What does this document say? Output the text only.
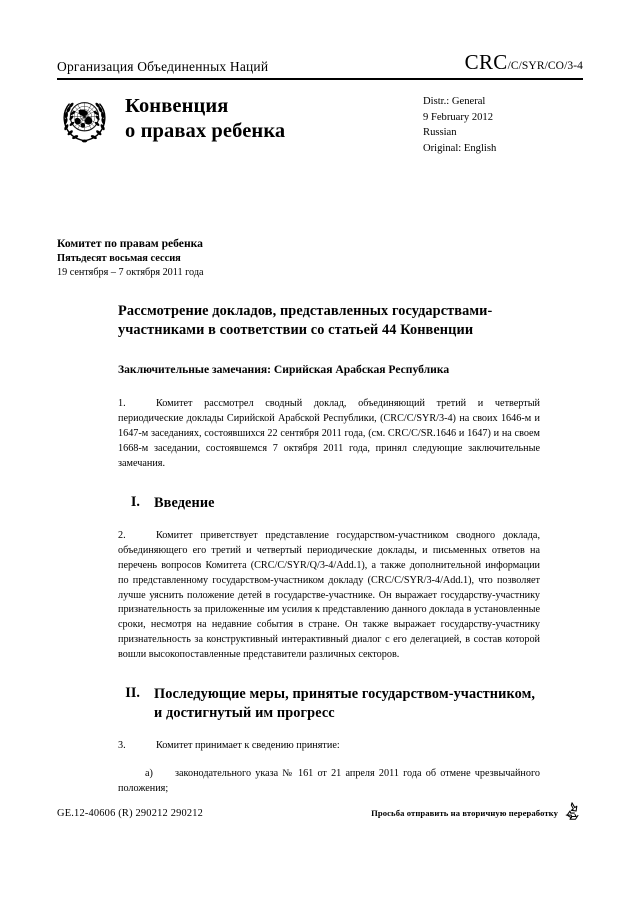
Организация Объединенных Наций	CRC/C/SYR/CO/3-4
Конвенция
о правах ребенка
Distr.: General
9 February 2012
Russian
Original: English
Комитет по правам ребенка
Пятьдесят восьмая сессия
19 сентября – 7 октября 2011 года
Рассмотрение докладов, представленных государствами-участниками в соответствии со статьей 44 Конвенции
Заключительные замечания: Сирийская Арабская Республика

1.	Комитет рассмотрел сводный доклад, объединяющий третий и четвертый периодические доклады Сирийской Арабской Республики, (CRC/C/SYR/3-4) на своих 1646-м и 1647-м заседаниях, состоявшихся 22 сентября 2011 года, (см. CRC/C/SR.1646 и 1647) и на своем 1668-м заседании, состоявшемся 7 октября 2011 года, принял следующие заключительные замечания.

I. Введение

2.	Комитет приветствует представление государством-участником сводного доклада, объединяющего его третий и четвертый периодические доклады, и письменных ответов на перечень вопросов Комитета (CRC/C/SYR/Q/3-4/Add.1), а также дополнительной информации по представленному государством-участником докладу (CRC/C/SYR/3-4/Add.1), что позволяет лучше уяснить положение детей в государстве-участнике. Он выражает государству-участнику признательность за приложенные им усилия к представлению данного доклада в установленные сроки, несмотря на недавние события в стране. Он также выражает государству-участнику признательность за конструктивный интерактивный диалог с его делегацией, в состав которой вошли высокопоставленные представители различных секторов.

II. Последующие меры, принятые государством-участником, и достигнутый им прогресс

3.	Комитет принимает к сведению принятие:

a) законодательного указа № 161 от 21 апреля 2011 года об отмене чрезвычайного положения;

GE.12-40606 (R) 290212 290212	Просьба отправить на вторичную переработку
